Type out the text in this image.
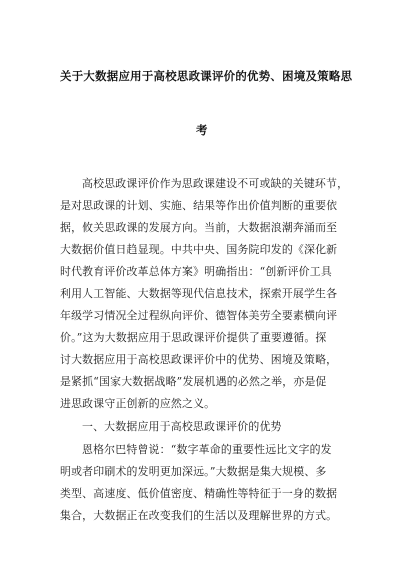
关于大数据应用于高校思政课评价的优势、困境及策略思
考
高校思政课评价作为思政课建设不可或缺的关键环节，
是对思政课的计划、实施、结果等作出价值判断的重要依
据，攸关思政课的发展方向。当前，大数据浪潮奔涌而至
大数据价值日趋显现。中共中央、国务院印发的《深化新
时代教育评价改革总体方案》明确指出：“创新评价工具
利用人工智能、大数据等现代信息技术，探索开展学生各
年级学习情况全过程纵向评价、德智体美劳全要素横向评
价。”这为大数据应用于思政课评价提供了重要遵循。探
讨大数据应用于高校思政课评价中的优势、困境及策略，
是紧抓“国家大数据战略”发展机遇的必然之举，亦是促
进思政课守正创新的应然之义。
一、大数据应用于高校思政课评价的优势
恩格尔巴特曾说：“数字革命的重要性远比文字的发
明或者印刷术的发明更加深远。”大数据是集大规模、多
类型、高速度、低价值密度、精确性等特征于一身的数据
集合，大数据正在改变我们的生活以及理解世界的方式。
